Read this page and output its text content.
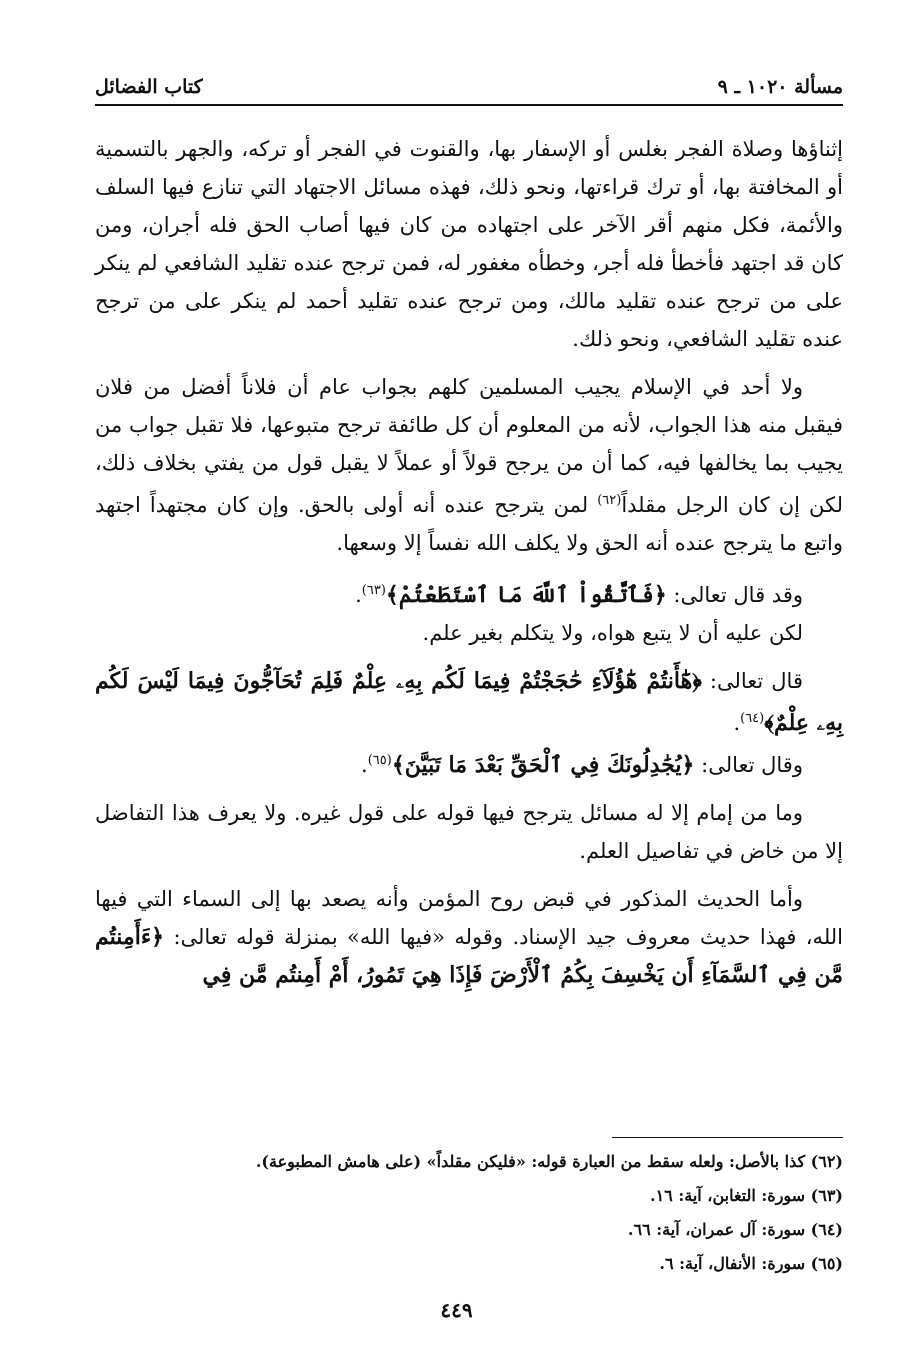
مسألة ١٠٢٠ ـ ٩
كتاب الفضائل

إثناؤها وصلاة الفجر بغلس أو الإسفار بها، والقنوت في الفجر أو تركه، والجهر بالتسمية أو المخافتة بها، أو ترك قراءتها، ونحو ذلك، فهذه مسائل الاجتهاد التي تنازع فيها السلف والأئمة، فكل منهم أقر الآخر على اجتهاده من كان فيها أصاب الحق فله أجران، ومن كان قد اجتهد فأخطأ فله أجر، وخطأه مغفور له، فمن ترجح عنده تقليد الشافعي لم ينكر على من ترجح عنده تقليد مالك، ومن ترجح عنده تقليد أحمد لم ينكر على من ترجح عنده تقليد الشافعي، ونحو ذلك.

ولا أحد في الإسلام يجيب المسلمين كلهم بجواب عام أن فلاناً أفضل من فلان فيقبل منه هذا الجواب، لأنه من المعلوم أن كل طائفة ترجح متبوعها، فلا تقبل جواب من يجيب بما يخالفها فيه، كما أن من يرجح قولاً أو عملاً لا يقبل قول من يفتي بخلاف ذلك، لكن إن كان الرجل مقلداً$^{(٦٢)}$ لمن يترجح عنده أنه أولى بالحق. وإن كان مجتهداً اجتهد واتبع ما يترجح عنده أنه الحق ولا يكلف الله نفساً إلا وسعها.

وقد قال تعالى: ﴿فَٱتَّقُواْ ٱللَّهَ مَا ٱسْتَطَعْتُمْ﴾$^{(٦٣)}$.

لكن عليه أن لا يتبع هواه، ولا يتكلم بغير علم.

قال تعالى: ﴿هَٰٓأَنتُمْ هَٰٓؤُلَآءِ حَٰجَجْتُمْ فِيمَا لَكُم بِهِۦ عِلْمٌ فَلِمَ تُحَآجُّونَ فِيمَا لَيْسَ لَكُم بِهِۦ عِلْمٌ﴾$^{(٦٤)}$.

وقال تعالى: ﴿يُجَٰدِلُونَكَ فِي ٱلْحَقِّ بَعْدَ مَا تَبَيَّنَ﴾$^{(٦٥)}$.

وما من إمام إلا له مسائل يترجح فيها قوله على قول غيره. ولا يعرف هذا التفاضل إلا من خاض في تفاصيل العلم.

وأما الحديث المذكور في قبض روح المؤمن وأنه يصعد بها إلى السماء التي فيها الله، فهذا حديث معروف جيد الإسناد. وقوله «فيها الله» بمنزلة قوله تعالى: ﴿ءَأَمِنتُم مَّن فِي ٱلسَّمَآءِ أَن يَخْسِفَ بِكُمُ ٱلْأَرْضَ فَإِذَا هِيَ تَمُورُ، أَمْ أَمِنتُم مَّن فِي

(٦٢) كذا بالأصل: ولعله سقط من العبارة قوله: «فليكن مقلداً» (على هامش المطبوعة).

(٦٣) سورة: التغابن، آية: ١٦.

(٦٤) سورة: آل عمران، آية: ٦٦.

(٦٥) سورة: الأنفال، آية: ٦.

٤٤٩
